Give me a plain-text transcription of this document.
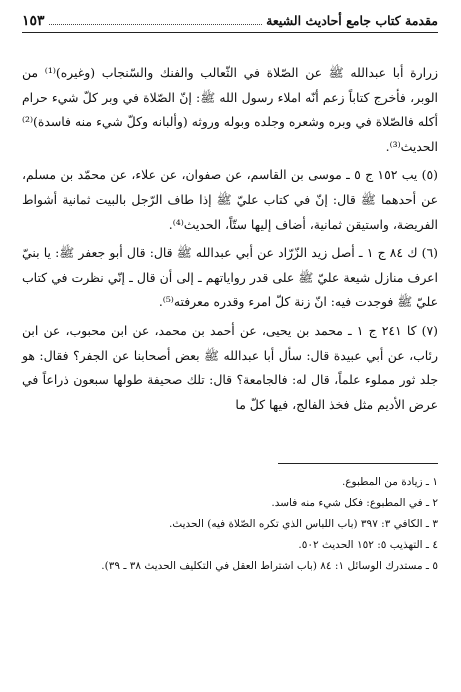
مقدمة كتاب جامع أحاديث الشيعة
١٥٣

زرارة أبا عبدالله ﷺ عن الصّلاة في الثّعالب والفنك والسّنجاب (وغيره)⁽¹⁾ من الوبر، فأخرج كتاباً زعم أنّه املاء رسول الله ﷺ: إنّ الصّلاة في وبر كلّ شيء حرام أكله فالصّلاة في وبره وشعره وجلده وبوله وروثه (وألبانه وكلّ شيء منه فاسدة)⁽²⁾ الحديث⁽³⁾.

(٥) يب ١٥٢ ج ٥ ـ موسى بن القاسم، عن صفوان، عن علاء، عن محمّد بن مسلم، عن أحدهما ﷺ قال: إنّ في كتاب عليّ ﷺ إذا طاف الرّجل بالبيت ثمانية أشواط الفريضة، واستيقن ثمانية، أضاف إليها ستّاً، الحديث⁽⁴⁾.

(٦) ك ٨٤ ج ١ ـ أصل زيد الزّرّاد عن أبي عبدالله ﷺ قال: قال أبو جعفر ﷺ: يا بنيّ اعرف منازل شيعة عليّ ﷺ على قدر رواياتهم ـ إلى أن قال ـ إنّي نظرت في كتاب عليّ ﷺ فوجدت فيه: انّ زنة كلّ امرء وقدره معرفته⁽⁵⁾.

(٧) كا ٢٤١ ج ١ ـ محمد بن يحيى، عن أحمد بن محمد، عن ابن محبوب، عن ابن رئاب، عن أبي عبيدة قال: سأل أبا عبدالله ﷺ بعض أصحابنا عن الجفر؟ فقال: هو جلد ثور مملوء علماً، قال له: فالجامعة؟ قال: تلك صحيفة طولها سبعون ذراعاً في عرض الأديم مثل فخذ الفالج، فيها كلّ ما

١ ـ زيادة من المطبوع.
٢ ـ في المطبوع: فكل شيء منه فاسد.
٣ ـ الكافي ٣: ٣٩٧ (باب اللباس الذي تكره الصّلاة فيه) الحديث.
٤ ـ التهذيب ٥: ١٥٢ الحديث ٥٠٢.
٥ ـ مستدرك الوسائل ١: ٨٤ (باب اشتراط العقل في التكليف الحديث ٣٨ ـ ٣٩).
